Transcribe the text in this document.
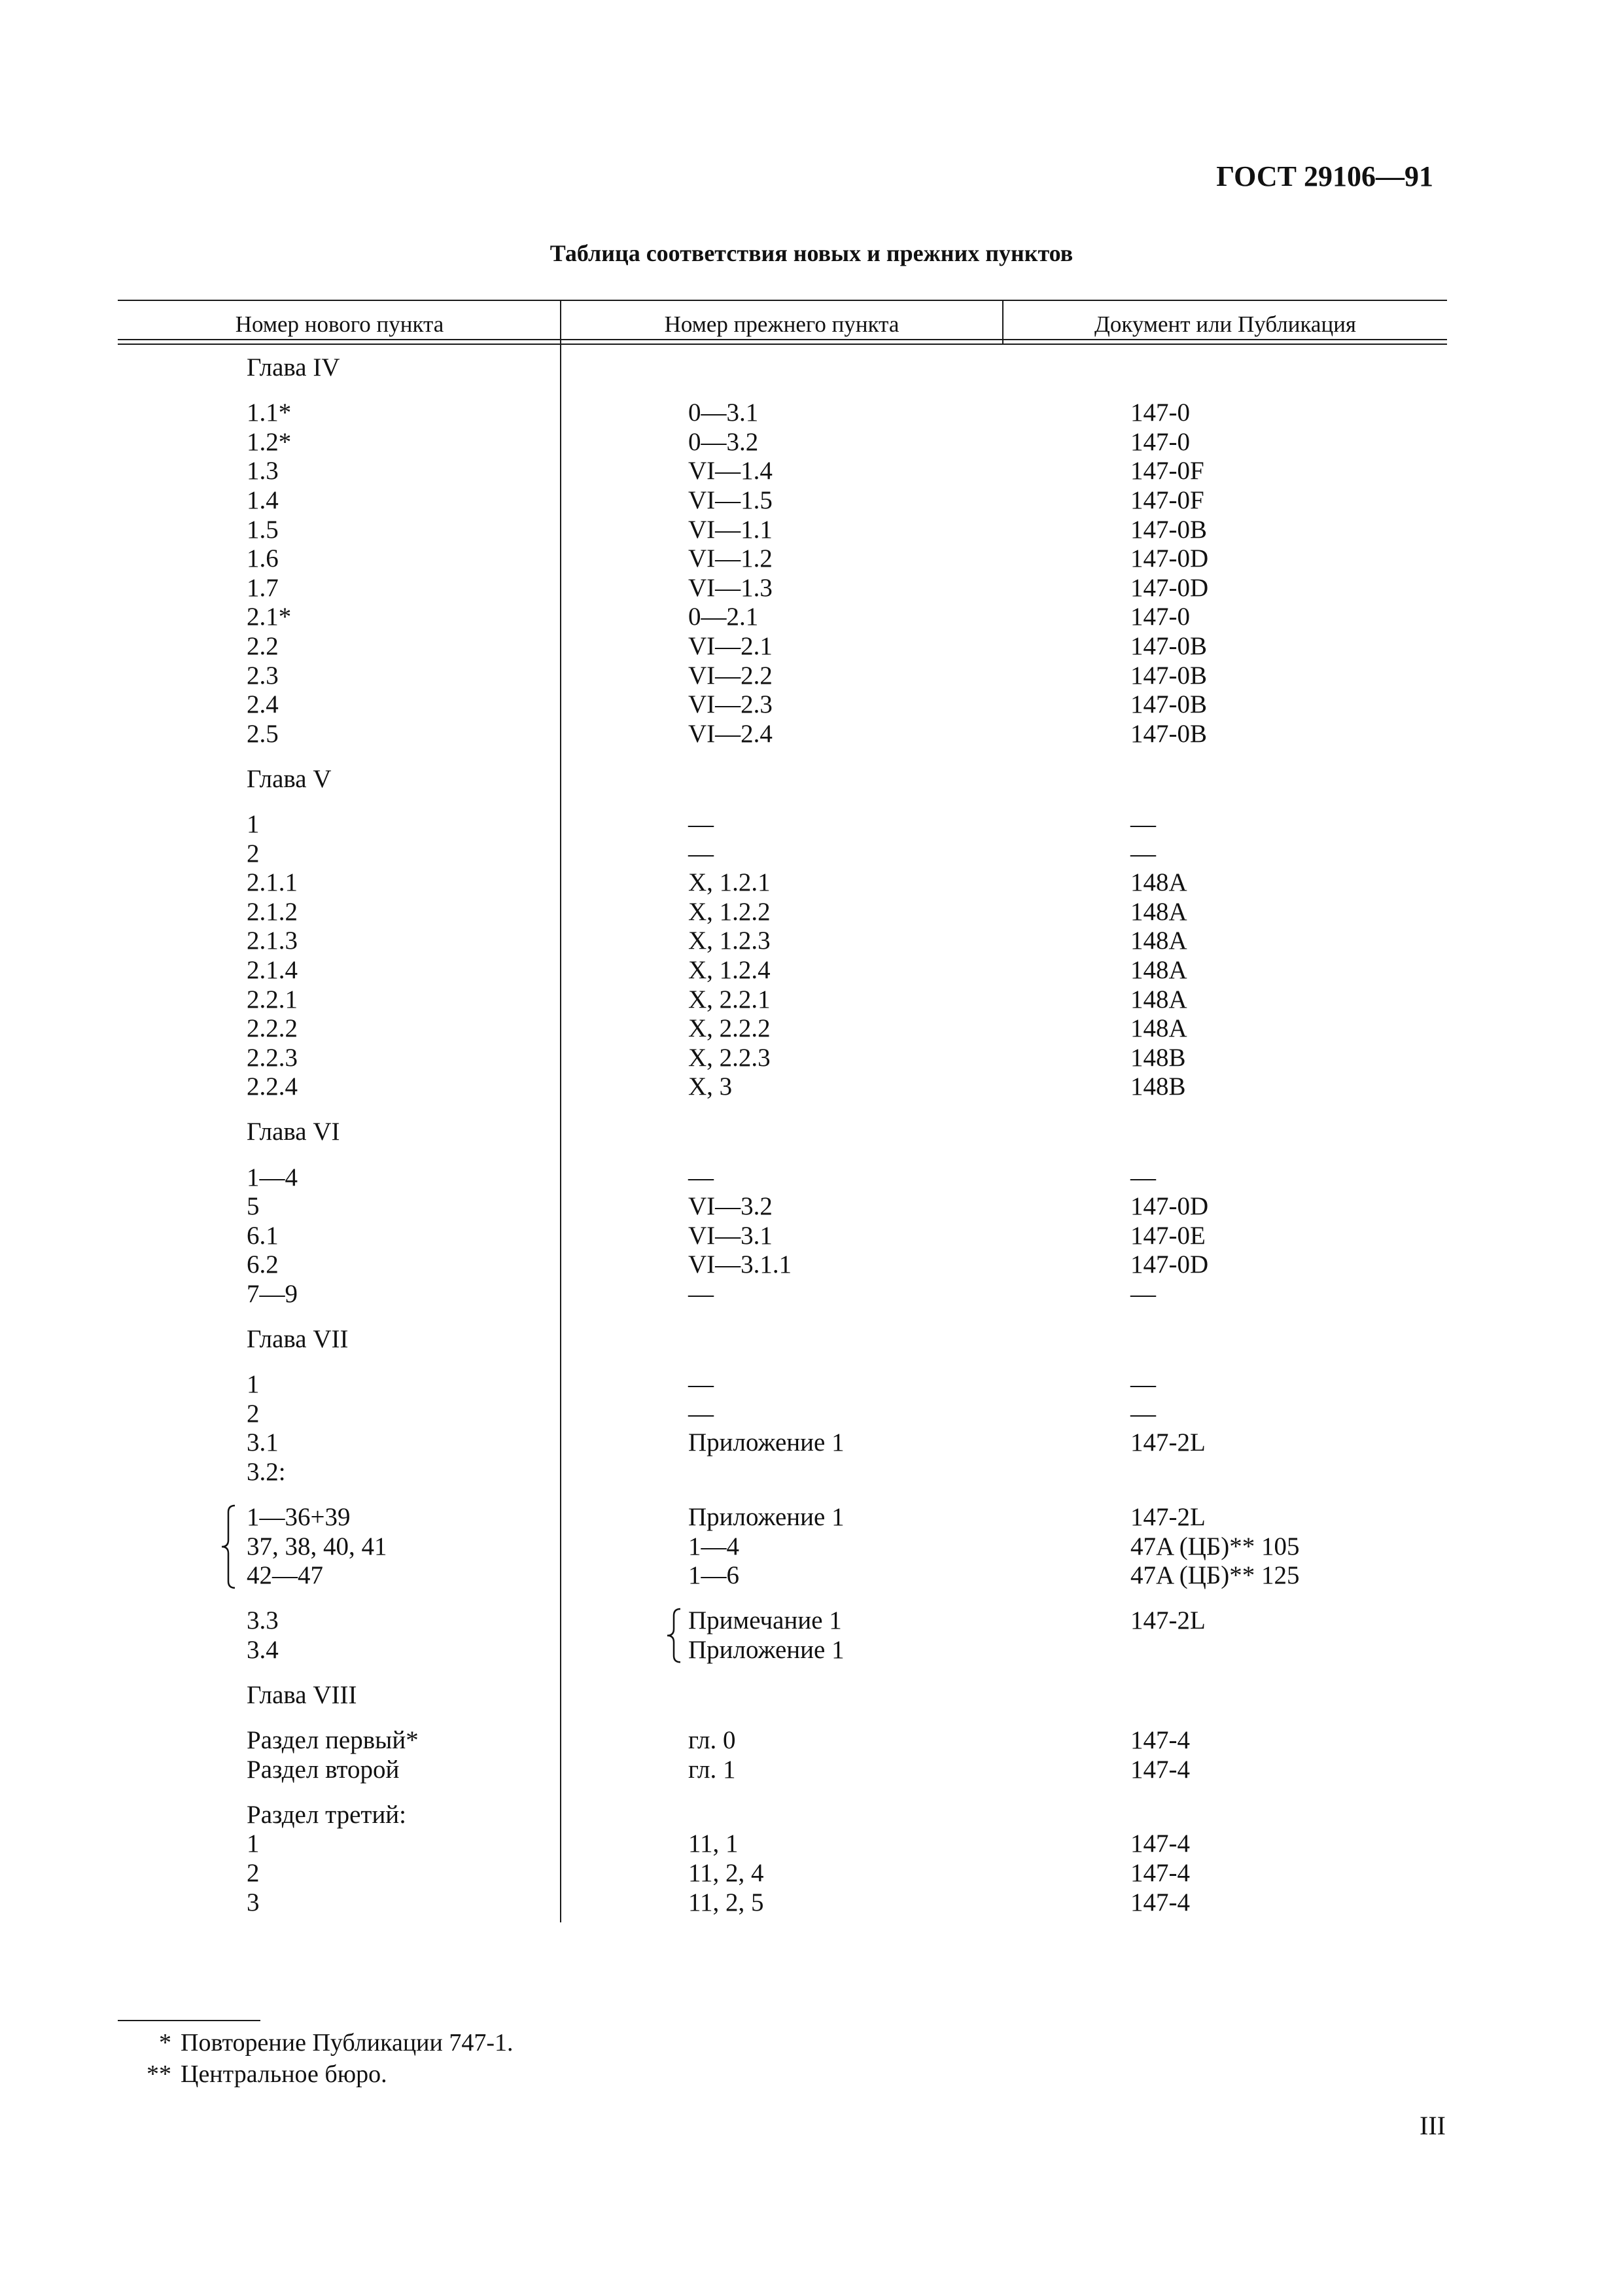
ГОСТ 29106—91
Таблица соответствия новых и прежних пунктов
Номер нового пункта	Номер прежнего пункта	Документ или Публикация
Глава IV
1.1*	0—3.1	147-0
1.2*	0—3.2	147-0
1.3	VI—1.4	147-0F
1.4	VI—1.5	147-0F
1.5	VI—1.1	147-0B
1.6	VI—1.2	147-0D
1.7	VI—1.3	147-0D
2.1*	0—2.1	147-0
2.2	VI—2.1	147-0B
2.3	VI—2.2	147-0B
2.4	VI—2.3	147-0B
2.5	VI—2.4	147-0B
Глава V
1	—	—
2	—	—
2.1.1	X, 1.2.1	148A
2.1.2	X, 1.2.2	148A
2.1.3	X, 1.2.3	148A
2.1.4	X, 1.2.4	148A
2.2.1	X, 2.2.1	148A
2.2.2	X, 2.2.2	148A
2.2.3	X, 2.2.3	148B
2.2.4	X, 3	148B
Глава VI
1—4	—	—
5	VI—3.2	147-0D
6.1	VI—3.1	147-0E
6.2	VI—3.1.1	147-0D
7—9	—	—
Глава VII
1	—	—
2	—	—
3.1	Приложение 1	147-2L
3.2:
1—36+39	Приложение 1	147-2L
37, 38, 40, 41	1—4	47A (ЦБ)** 105
42—47	1—6	47A (ЦБ)** 125
3.3	Примечание 1	147-2L
3.4	Приложение 1
Глава VIII
Раздел первый*	гл. 0	147-4
Раздел второй	гл. 1	147-4
Раздел третий:
1	11, 1	147-4
2	11, 2, 4	147-4
3	11, 2, 5	147-4
* Повторение Публикации 747-1.
** Центральное бюро.
III
